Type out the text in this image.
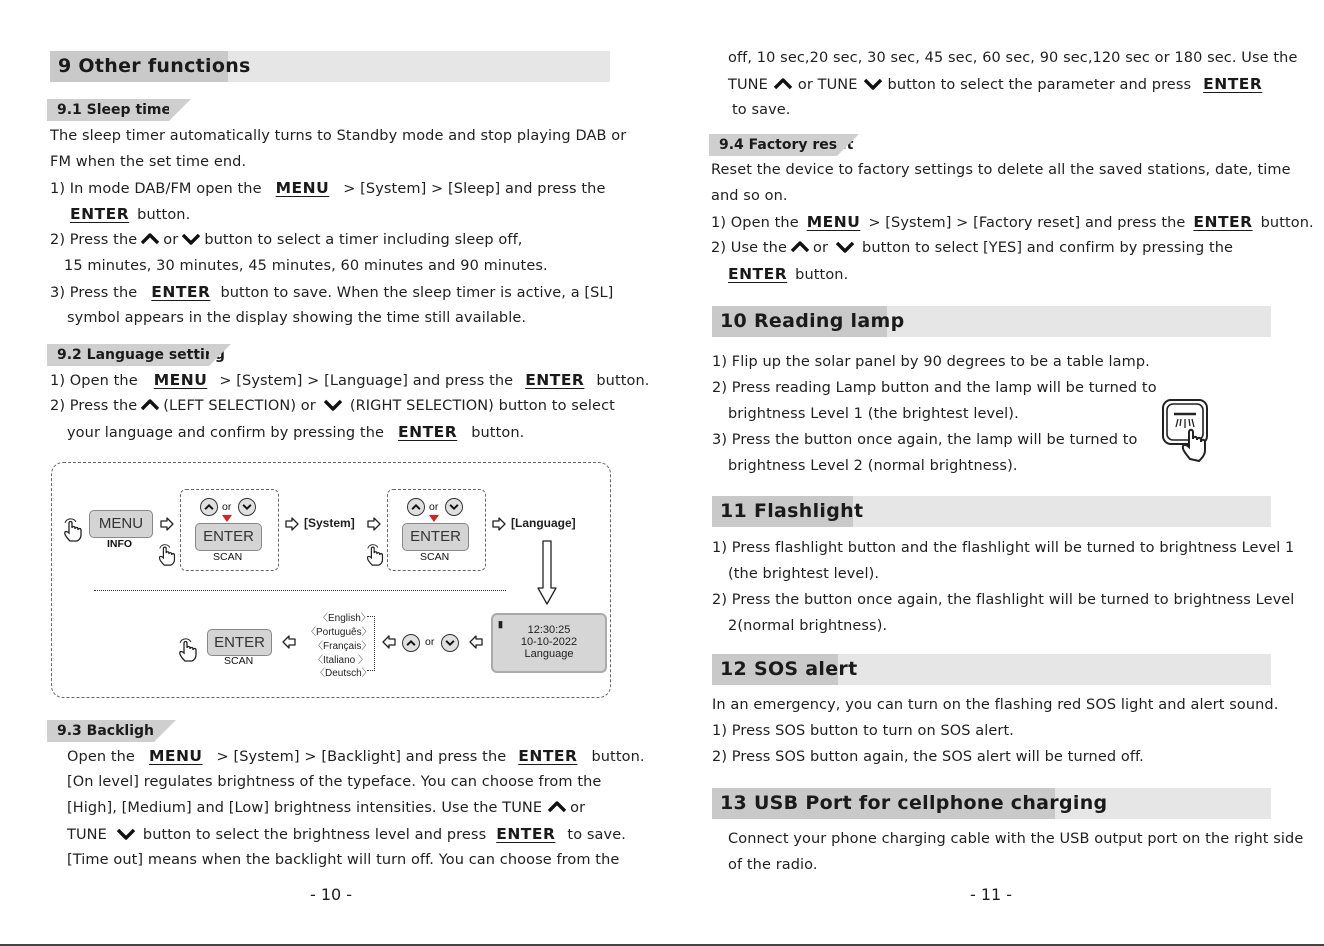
9 Other functions
9.1 Sleep timer
The sleep timer automatically turns to Standby mode and stop playing DAB or
FM when the set time end.
1) In mode DAB/FM open the MENU > [System] > [Sleep] and press the
ENTER button.
2) Press the or button to select a timer including sleep off,
15 minutes, 30 minutes, 45 minutes, 60 minutes and 90 minutes.
3) Press the ENTER button to save. When the sleep timer is active, a [SL]
symbol appears in the display showing the time still available.
9.2 Language setting
1) Open the MENU > [System] > [Language] and press the ENTER button.
2) Press the (LEFT SELECTION) or (RIGHT SELECTION) button to select
your language and confirm by pressing the ENTER button.
MENU
INFO
or
ENTER
SCAN
[System]
or
ENTER
SCAN
[Language]
▮	12:30:25
10-10-2022
Language
or
〈English〉
〈Português〉
〈Français〉
〈Italiano 〉
〈Deutsch〉
ENTER
SCAN
9.3 Backlight
Open the MENU > [System] > [Backlight] and press the ENTER button.
[On level] regulates brightness of the typeface. You can choose from the
[High], [Medium] and [Low] brightness intensities. Use the TUNE or
TUNE button to select the brightness level and press ENTER to save.
[Time out] means when the backlight will turn off. You can choose from the
- 10 -
off, 10 sec,20 sec, 30 sec, 45 sec, 60 sec, 90 sec,120 sec or 180 sec. Use the
TUNE or TUNE button to select the parameter and press ENTER
to save.
9.4 Factory reset
Reset the device to factory settings to delete all the saved stations, date, time
and so on.
1) Open the MENU > [System] > [Factory reset] and press the ENTER button.
2) Use the or button to select [YES] and confirm by pressing the
ENTER button.
10 Reading lamp
1) Flip up the solar panel by 90 degrees to be a table lamp.
2) Press reading Lamp button and the lamp will be turned to
brightness Level 1 (the brightest level).
3) Press the button once again, the lamp will be turned to
brightness Level 2 (normal brightness).
11 Flashlight
1) Press flashlight button and the flashlight will be turned to brightness Level 1
(the brightest level).
2) Press the button once again, the flashlight will be turned to brightness Level
2(normal brightness).
12 SOS alert
In an emergency, you can turn on the flashing red SOS light and alert sound.
1) Press SOS button to turn on SOS alert.
2) Press SOS button again, the SOS alert will be turned off.
13 USB Port for cellphone charging
Connect your phone charging cable with the USB output port on the right side
of the radio.
- 11 -
